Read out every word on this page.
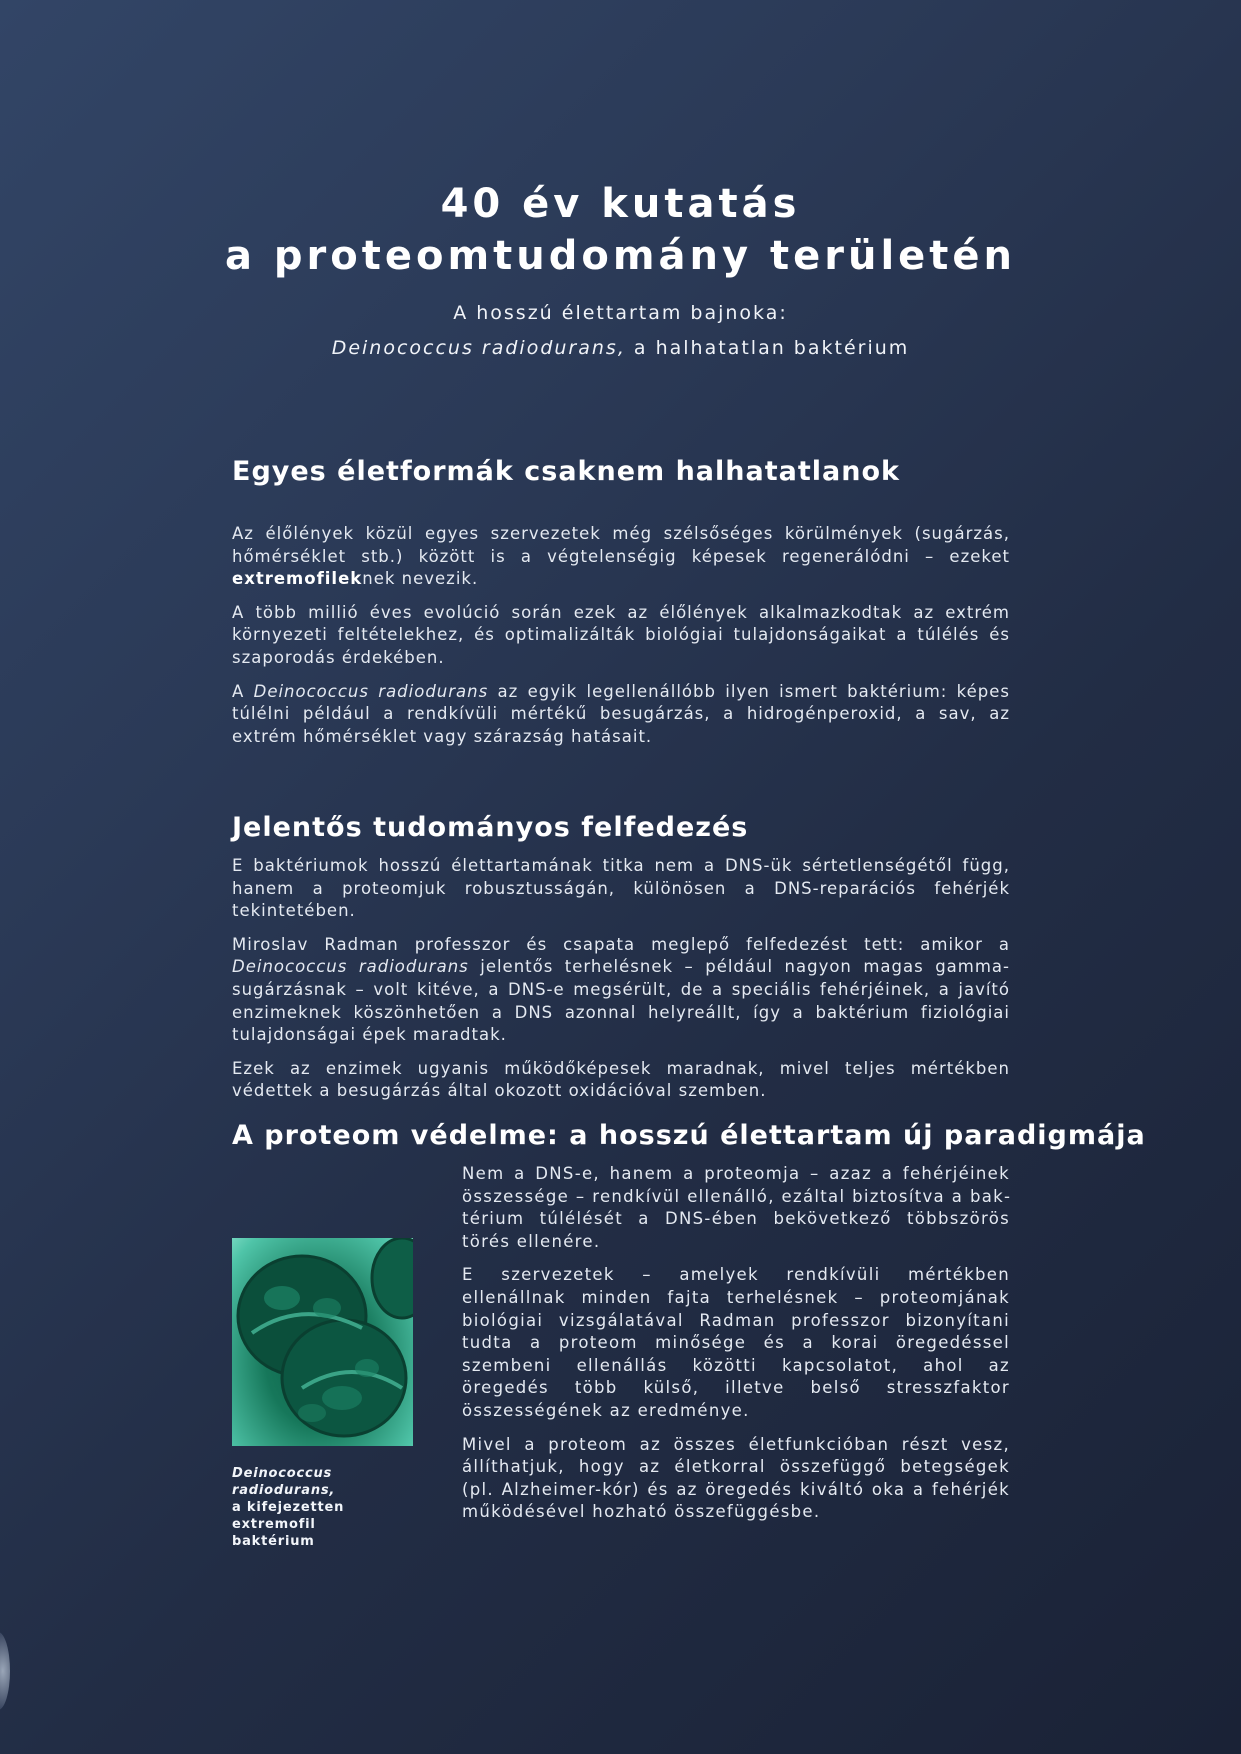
40 év kutatás
a proteomtudomány területén
A hosszú élettartam bajnoka:
Deinococcus radiodurans, a halhatatlan baktérium
Egyes életformák csaknem halhatatlanok

Az élőlények közül egyes szervezetek még szélsőséges körülmények (sugárzás, hőmérséklet stb.) között is a végtelenségig képesek regenerálódni – ezeket extremofileknek nevezik.

A több millió éves evolúció során ezek az élőlények alkalmazkodtak az extrém környezeti feltételekhez, és optimalizálták biológiai tulajdonságaikat a túlélés és szaporodás érdekében.

A Deinococcus radiodurans az egyik legellenállóbb ilyen ismert baktérium: képes túlélni például a rendkívüli mértékű besugárzás, a hidrogénperoxid, a sav, az extrém hőmérséklet vagy szárazság hatásait.

Jelentős tudományos felfedezés

E baktériumok hosszú élettartamának titka nem a DNS-ük sértetlenségétől függ, hanem a proteomjuk robusztusságán, különösen a DNS-reparációs fehérjék tekintetében.

Miroslav Radman professzor és csapata meglepő felfedezést tett: amikor a Deinococcus radiodurans jelentős terhelésnek – például nagyon magas gamma-sugárzásnak – volt kitéve, a DNS-e megsérült, de a speciális fehérjéinek, a javító enzimeknek köszönhetően a DNS azonnal helyreállt, így a baktérium fiziológiai tulajdonságai épek maradtak.

Ezek az enzimek ugyanis működőképesek maradnak, mivel teljes mértékben védettek a besugárzás által okozott oxidációval szemben.

A proteom védelme: a hosszú élettartam új paradigmája

Nem a DNS-e, hanem a proteomja – azaz a fehérjéinek összessége – rendkívül ellenálló, ezáltal biztosítva a baktérium túlélését a DNS-ében bekövetkező többszörös törés ellenére.

E szervezetek – amelyek rendkívüli mértékben ellenállnak minden fajta terhelésnek – proteomjának biológiai vizsgálatával Radman professzor bizonyítani tudta a proteom minősége és a korai öregedéssel szembeni ellenállás közötti kapcsolatot, ahol az öregedés több külső, illetve belső stresszfaktor összességének az eredménye.

Mivel a proteom az összes életfunkcióban részt vesz, állíthatjuk, hogy az életkorral összefüggő betegségek (pl. Alzheimer-kór) és az öregedés kiváltó oka a fehérjék működésével hozható összefüggésbe.

Deinococcus radiodurans,
a kifejezetten extremofil
baktérium
